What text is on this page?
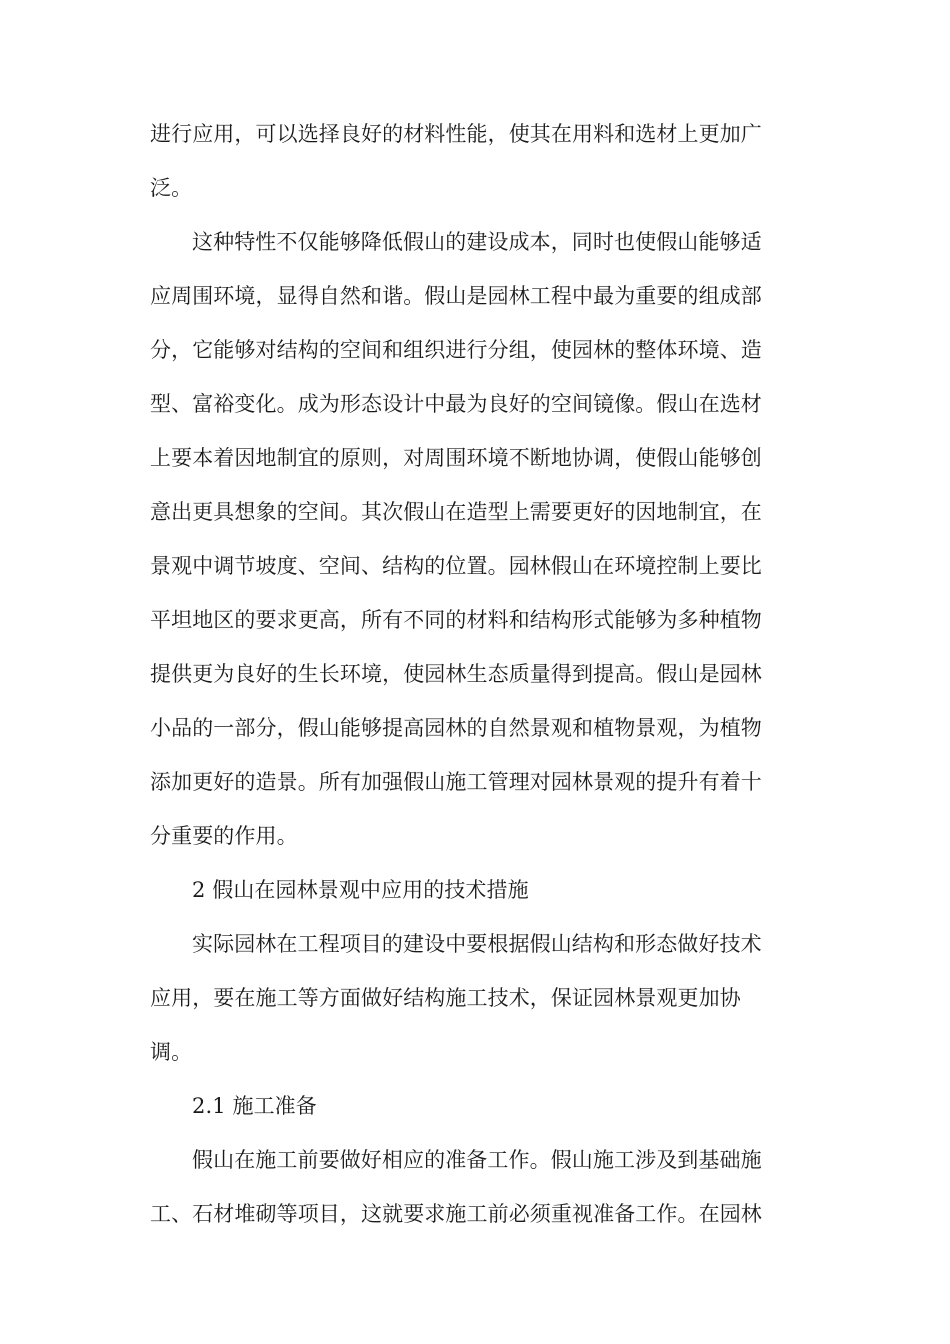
进行应用，可以选择良好的材料性能，使其在用料和选材上更加广
泛。
这种特性不仅能够降低假山的建设成本，同时也使假山能够适
应周围环境，显得自然和谐。假山是园林工程中最为重要的组成部
分，它能够对结构的空间和组织进行分组，使园林的整体环境、造
型、富裕变化。成为形态设计中最为良好的空间镜像。假山在选材
上要本着因地制宜的原则，对周围环境不断地协调，使假山能够创
意出更具想象的空间。其次假山在造型上需要更好的因地制宜，在
景观中调节坡度、空间、结构的位置。园林假山在环境控制上要比
平坦地区的要求更高，所有不同的材料和结构形式能够为多种植物
提供更为良好的生长环境，使园林生态质量得到提高。假山是园林
小品的一部分，假山能够提高园林的自然景观和植物景观，为植物
添加更好的造景。所有加强假山施工管理对园林景观的提升有着十
分重要的作用。
2 假山在园林景观中应用的技术措施
实际园林在工程项目的建设中要根据假山结构和形态做好技术
应用，要在施工等方面做好结构施工技术，保证园林景观更加协
调。
2.1 施工准备
假山在施工前要做好相应的准备工作。假山施工涉及到基础施
工、石材堆砌等项目，这就要求施工前必须重视准备工作。在园林
